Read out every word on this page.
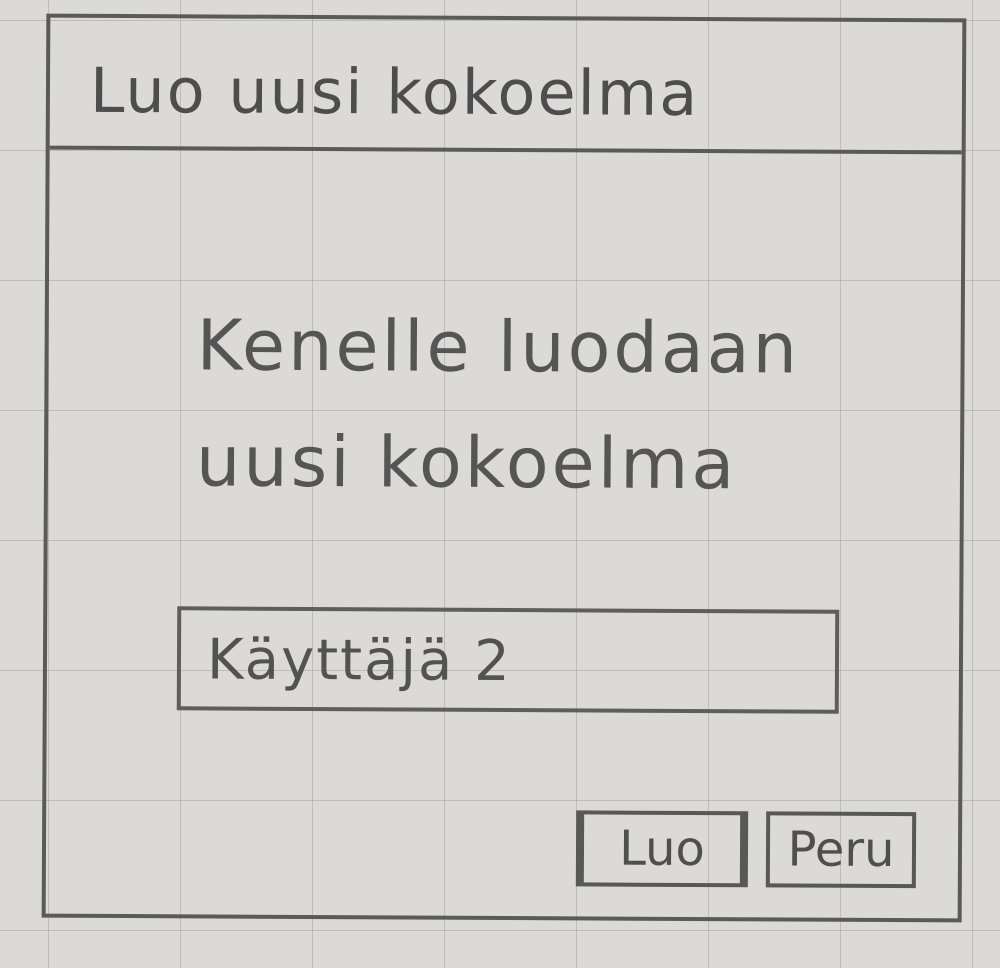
Luo uusi kokoelma
Kenelle luodaan
uusi kokoelma
Käyttäjä 2
Luo	Peru
